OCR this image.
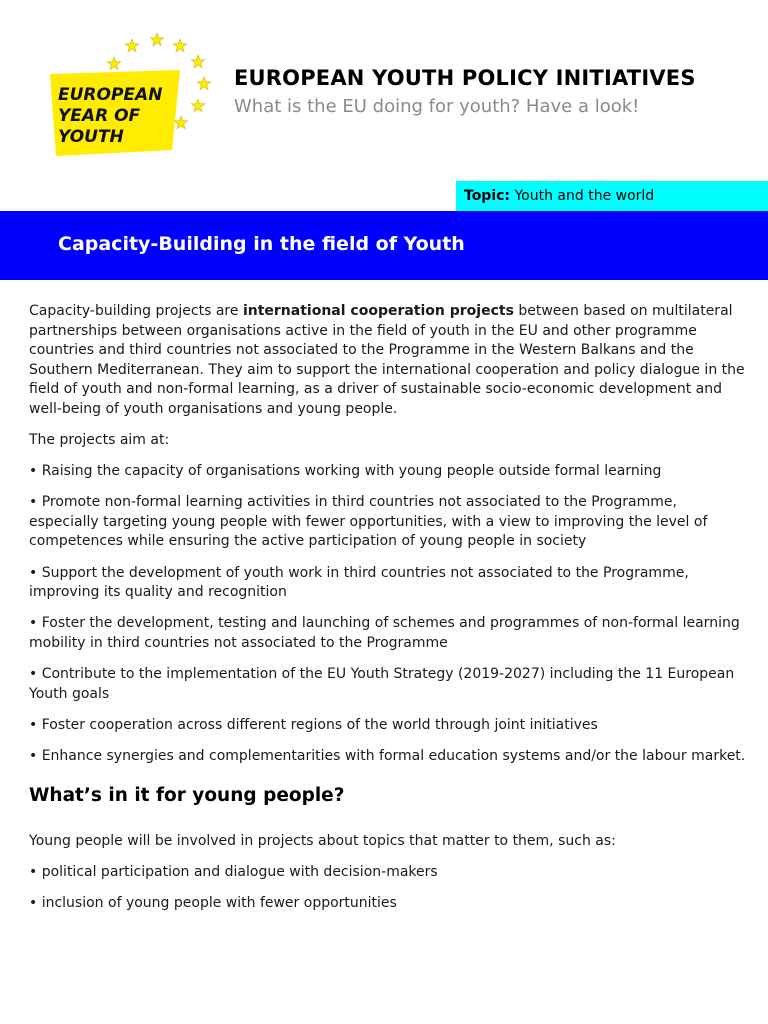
EUROPEAN
YEAR OF
YOUTH
EUROPEAN YOUTH POLICY INITIATIVES

What is the EU doing for youth? Have a look!

Topic: Youth and the world
Capacity-Building in the field of Youth

Capacity-building projects are international cooperation projects between based on multilateral partnerships between organisations active in the field of youth in the EU and other programme countries and third countries not associated to the Programme in the Western Balkans and the Southern Mediterranean. They aim to support the international cooperation and policy dialogue in the field of youth and non-formal learning, as a driver of sustainable socio-economic development and well-being of youth organisations and young people.

The projects aim at:

• Raising the capacity of organisations working with young people outside formal learning

• Promote non-formal learning activities in third countries not associated to the Programme, especially targeting young people with fewer opportunities, with a view to improving the level of competences while ensuring the active participation of young people in society

• Support the development of youth work in third countries not associated to the Programme, improving its quality and recognition

• Foster the development, testing and launching of schemes and programmes of non-formal learning mobility in third countries not associated to the Programme

• Contribute to the implementation of the EU Youth Strategy (2019-2027) including the 11 European Youth goals

• Foster cooperation across different regions of the world through joint initiatives

• Enhance synergies and complementarities with formal education systems and/or the labour market.

What’s in it for young people?

Young people will be involved in projects about topics that matter to them, such as:

• political participation and dialogue with decision-makers

• inclusion of young people with fewer opportunities
